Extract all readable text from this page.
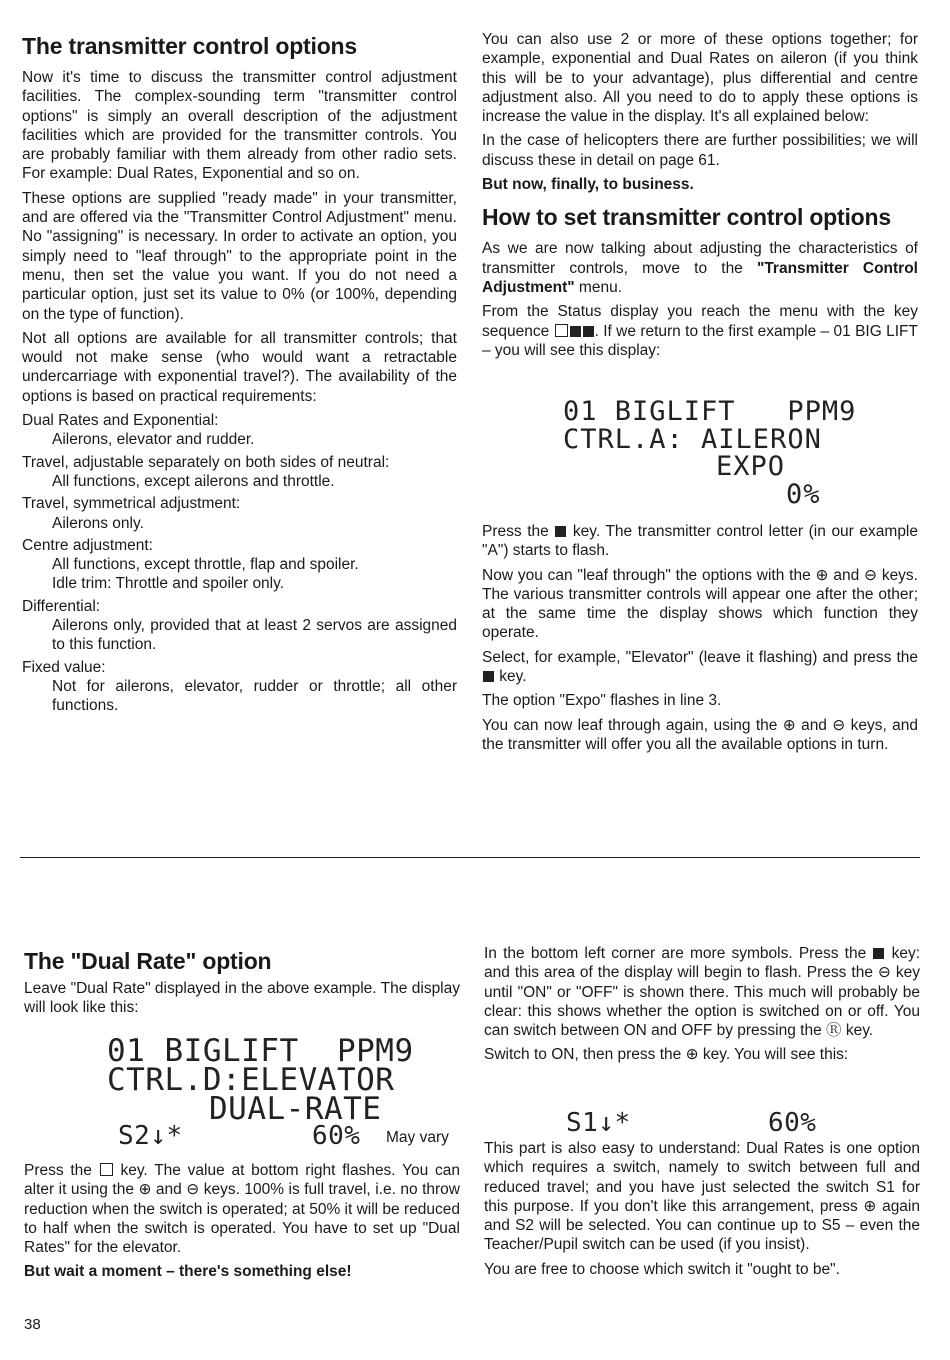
The transmitter control options

Now it's time to discuss the transmitter control adjustment facilities. The complex-sounding term "transmitter control options" is simply an overall description of the adjustment facilities which are provided for the transmitter controls. You are probably familiar with them already from other radio sets. For example: Dual Rates, Exponential and so on.

These options are supplied "ready made" in your transmitter, and are offered via the "Transmitter Control Adjustment" menu. No "assigning" is necessary. In order to activate an option, you simply need to "leaf through" to the appropriate point in the menu, then set the value you want. If you do not need a particular option, just set its value to 0% (or 100%, depending on the type of function).

Not all options are available for all transmitter controls; that would not make sense (who would want a retractable undercarriage with exponential travel?). The availability of the options is based on practical requirements:

Dual Rates and Exponential:
Ailerons, elevator and rudder.
Travel, adjustable separately on both sides of neutral:
All functions, except ailerons and throttle.
Travel, symmetrical adjustment:
Ailerons only.
Centre adjustment:
All functions, except throttle, flap and spoiler.
Idle trim: Throttle and spoiler only.
Differential:
Ailerons only, provided that at least 2 servos are assigned to this function.
Fixed value:
Not for ailerons, elevator, rudder or throttle; all other functions.

You can also use 2 or more of these options together; for example, exponential and Dual Rates on aileron (if you think this will be to your advantage), plus differential and centre adjustment also. All you need to do to apply these options is increase the value in the display. It's all explained below:

In the case of helicopters there are further possibilities; we will discuss these in detail on page 61.

But now, finally, to business.

How to set transmitter control options

As we are now talking about adjusting the characteristics of transmitter controls, move to the "Transmitter Control Adjustment" menu.

From the Status display you reach the menu with the key sequence	. If we return to the first example – 01 BIG LIFT – you will see this display:

01 BIGLIFT   PPM9
CTRL.A: AILERON
EXPO
0%

Press the  key. The transmitter control letter (in our example "A") starts to flash.

Now you can "leaf through" the options with the ⊕ and ⊖ keys. The various transmitter controls will appear one after the other; at the same time the display shows which function they operate.

Select, for example, "Elevator" (leave it flashing) and press the  key.

The option "Expo" flashes in line 3.

You can now leaf through again, using the ⊕ and ⊖ keys, and the transmitter will offer you all the available options in turn.

The "Dual Rate" option

Leave "Dual Rate" displayed in the above example. The display will look like this:

01 BIGLIFT  PPM9
CTRL.D:ELEVATOR
DUAL-RATE
S2↓*	60% May vary

Press the  key. The value at bottom right flashes. You can alter it using the ⊕ and ⊖ keys. 100% is full travel, i.e. no throw reduction when the switch is operated; at 50% it will be reduced to half when the switch is operated. You have to set up "Dual Rates" for the elevator.

But wait a moment – there's something else!

In the bottom left corner are more symbols. Press the  key: and this area of the display will begin to flash. Press the ⊖ key until "ON" or "OFF" is shown there. This much will probably be clear: this shows whether the option is switched on or off. You can switch between ON and OFF by pressing the Ⓡ key.

Switch to ON, then press the ⊕ key. You will see this:

S1↓*	60%

This part is also easy to understand: Dual Rates is one option which requires a switch, namely to switch between full and reduced travel; and you have just selected the switch S1 for this purpose. If you don't like this arrangement, press ⊕ again and S2 will be selected. You can continue up to S5 – even the Teacher/Pupil switch can be used (if you insist).

You are free to choose which switch it "ought to be".

38
